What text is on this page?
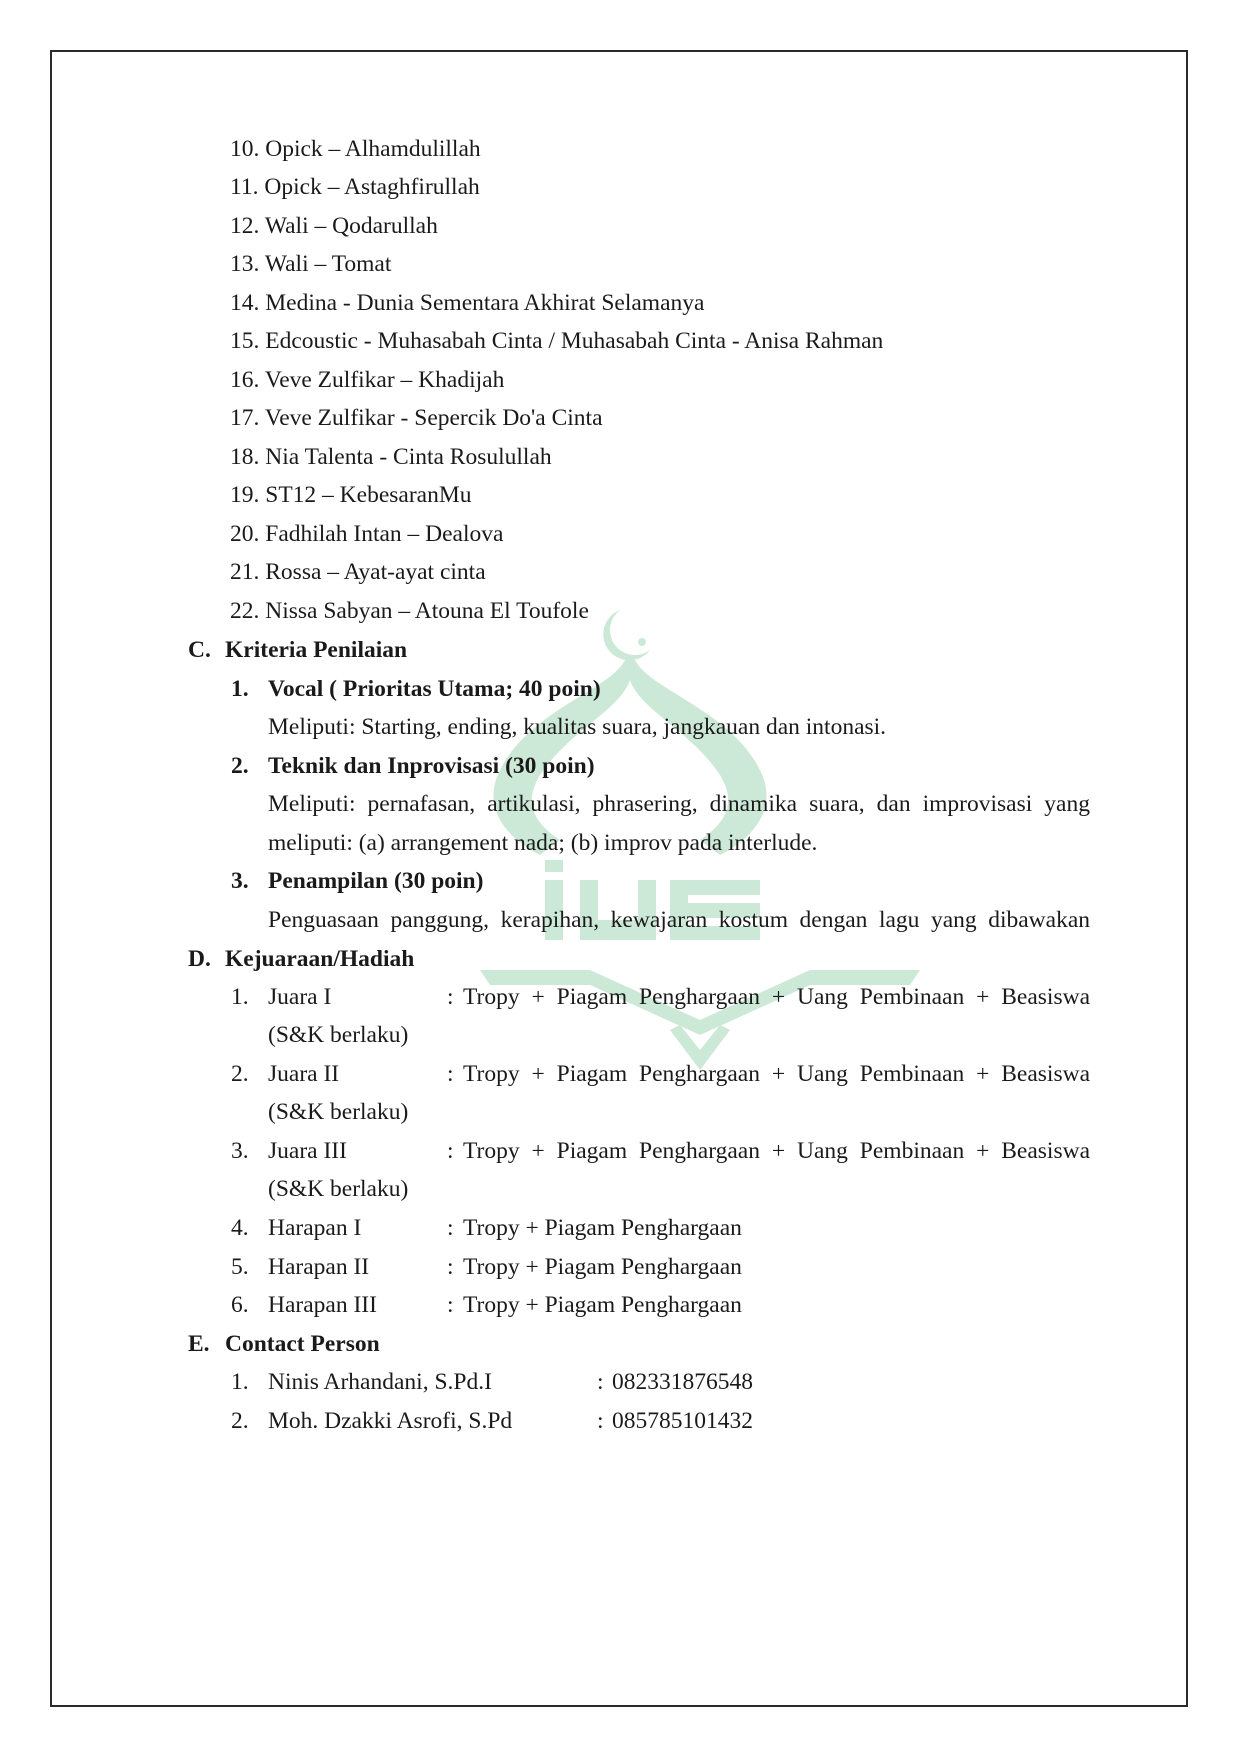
10. Opick – Alhamdulillah
11. Opick – Astaghfirullah
12. Wali – Qodarullah
13. Wali – Tomat
14. Medina - Dunia Sementara Akhirat Selamanya
15. Edcoustic - Muhasabah Cinta / Muhasabah Cinta - Anisa Rahman
16. Veve Zulfikar – Khadijah
17. Veve Zulfikar - Sepercik Do'a Cinta
18. Nia Talenta - Cinta Rosulullah
19. ST12 – KebesaranMu
20. Fadhilah Intan – Dealova
21. Rossa – Ayat-ayat cinta
22. Nissa Sabyan – Atouna El Toufole
C. Kriteria Penilaian
1. Vocal ( Prioritas Utama; 40 poin)
Meliputi: Starting, ending, kualitas suara, jangkauan dan intonasi.
2. Teknik dan Inprovisasi (30 poin)
Meliputi: pernafasan, artikulasi, phrasering, dinamika suara, dan improvisasi yang
meliputi: (a) arrangement nada; (b) improv pada interlude.
3. Penampilan (30 poin)
Penguasaan panggung, kerapihan, kewajaran kostum dengan lagu yang dibawakan
D. Kejuaraan/Hadiah
1. Juara I	: Tropy + Piagam Penghargaan + Uang Pembinaan + Beasiswa
(S&K berlaku)
2. Juara II	: Tropy + Piagam Penghargaan + Uang Pembinaan + Beasiswa
(S&K berlaku)
3. Juara III	: Tropy + Piagam Penghargaan + Uang Pembinaan + Beasiswa
(S&K berlaku)
4. Harapan I	: Tropy + Piagam Penghargaan
5. Harapan II	: Tropy + Piagam Penghargaan
6. Harapan III	: Tropy + Piagam Penghargaan
E. Contact Person
1. Ninis Arhandani, S.Pd.I	: 082331876548
2. Moh. Dzakki Asrofi, S.Pd	: 085785101432
